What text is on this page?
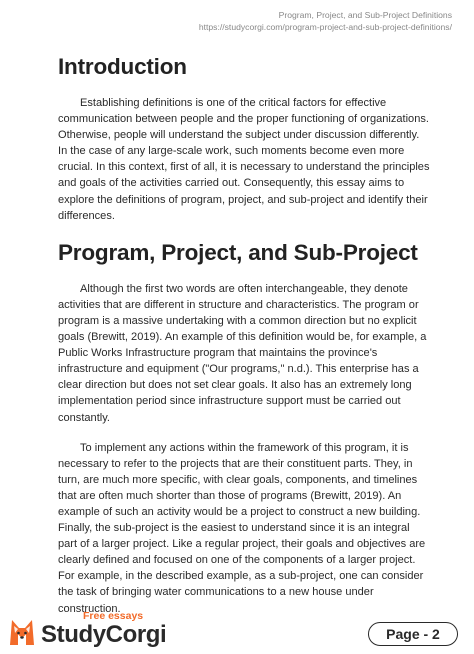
Program, Project, and Sub-Project Definitions
https://studycorgi.com/program-project-and-sub-project-definitions/
Introduction

Establishing definitions is one of the critical factors for effective communication between people and the proper functioning of organizations. Otherwise, people will understand the subject under discussion differently. In the case of any large-scale work, such moments become even more crucial. In this context, first of all, it is necessary to understand the principles and goals of the activities carried out. Consequently, this essay aims to explore the definitions of program, project, and sub-project and identify their differences.

Program, Project, and Sub-Project

Although the first two words are often interchangeable, they denote activities that are different in structure and characteristics. The program or program is a massive undertaking with a common direction but no explicit goals (Brewitt, 2019). An example of this definition would be, for example, a Public Works Infrastructure program that maintains the province's infrastructure and equipment ("Our programs," n.d.). This enterprise has a clear direction but does not set clear goals. It also has an extremely long implementation period since infrastructure support must be carried out constantly.

To implement any actions within the framework of this program, it is necessary to refer to the projects that are their constituent parts. They, in turn, are much more specific, with clear goals, components, and timelines that are often much shorter than those of programs (Brewitt, 2019). An example of such an activity would be a project to construct a new building. Finally, the sub-project is the easiest to understand since it is an integral part of a larger project. Like a regular project, their goals and objectives are clearly defined and focused on one of the components of a larger project. For example, in the described example, as a sub-project, one can consider the task of bringing water communications to a new house under construction.

Free essays
StudyCorgi	Page - 2
